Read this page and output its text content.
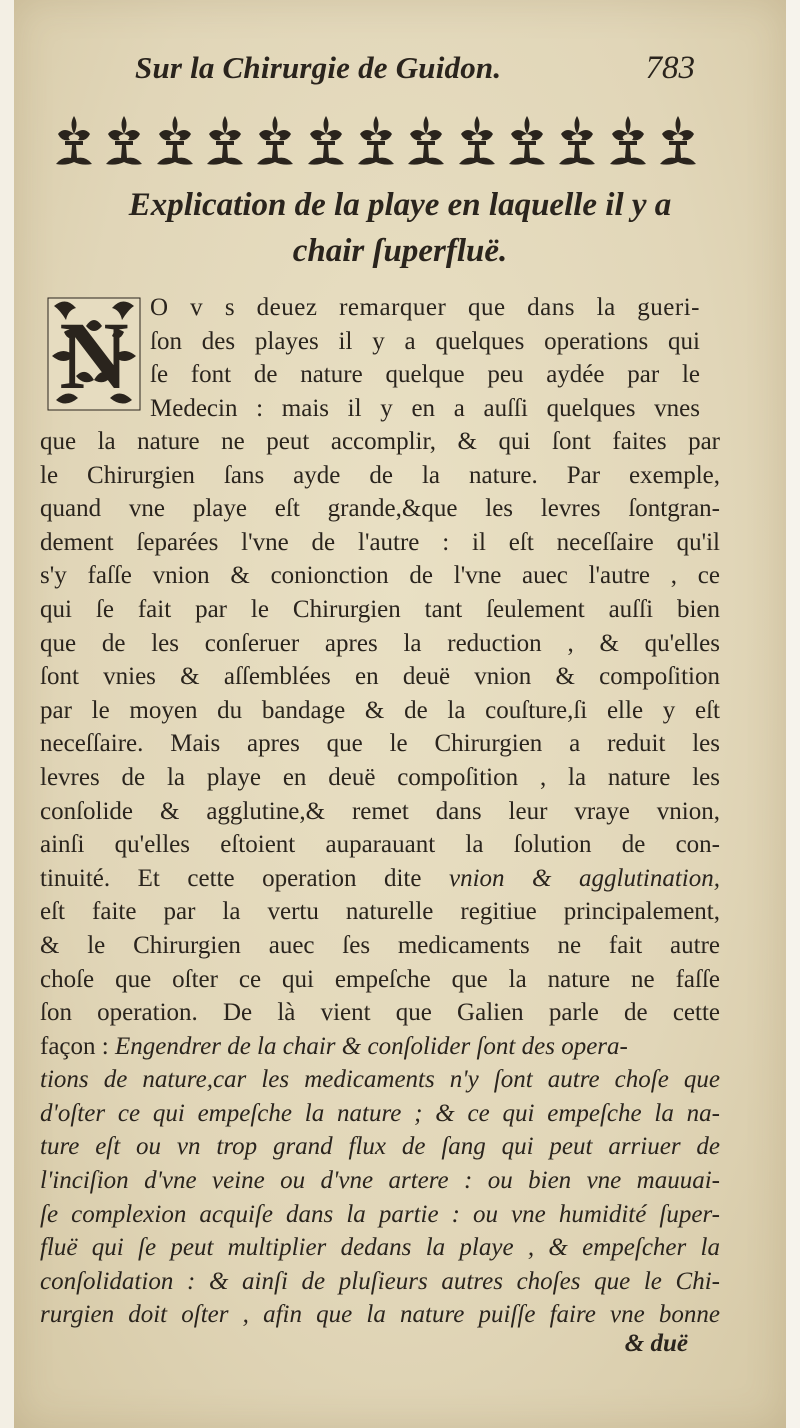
Sur la Chirurgie de Guidon.	783
Explication de la playe en laquelle il y a
chair ſuperfluë.
N O v s deuez remarquer que dans la gueri-
ſon des playes il y a quelques operations qui
ſe font de nature quelque peu aydée par le
Medecin : mais il y en a auſſi quelques vnes
que la nature ne peut accomplir, & qui ſont faites par
le Chirurgien ſans ayde de la nature. Par exemple,
quand vne playe eſt grande,&que les levres ſontgran-
dement ſeparées l'vne de l'autre : il eſt neceſſaire qu'il
s'y faſſe vnion & conionction de l'vne auec l'autre , ce
qui ſe fait par le Chirurgien tant ſeulement auſſi bien
que de les conſeruer apres la reduction , & qu'elles
ſont vnies & aſſemblées en deuë vnion & compoſition
par le moyen du bandage & de la couſture,ſi elle y eſt
neceſſaire. Mais apres que le Chirurgien a reduit les
levres de la playe en deuë compoſition , la nature les
conſolide & agglutine,& remet dans leur vraye vnion,
ainſi qu'elles eſtoient auparauant la ſolution de con-
tinuité. Et cette operation dite vnion & agglutination,
eſt faite par la vertu naturelle regitiue principalement,
& le Chirurgien auec ſes medicaments ne fait autre
choſe que oſter ce qui empeſche que la nature ne faſſe
ſon operation. De là vient que Galien parle de cette
façon : Engendrer de la chair & conſolider ſont des opera-
tions de nature,car les medicaments n'y ſont autre choſe que
d'oſter ce qui empeſche la nature ; & ce qui empeſche la na-
ture eſt ou vn trop grand flux de ſang qui peut arriuer de
l'inciſion d'vne veine ou d'vne artere : ou bien vne mauuai-
ſe complexion acquiſe dans la partie : ou vne humidité ſuper-
fluë qui ſe peut multiplier dedans la playe , & empeſcher la
conſolidation : & ainſi de pluſieurs autres choſes que le Chi-
rurgien doit oſter , afin que la nature puiſſe faire vne bonne
& duë
